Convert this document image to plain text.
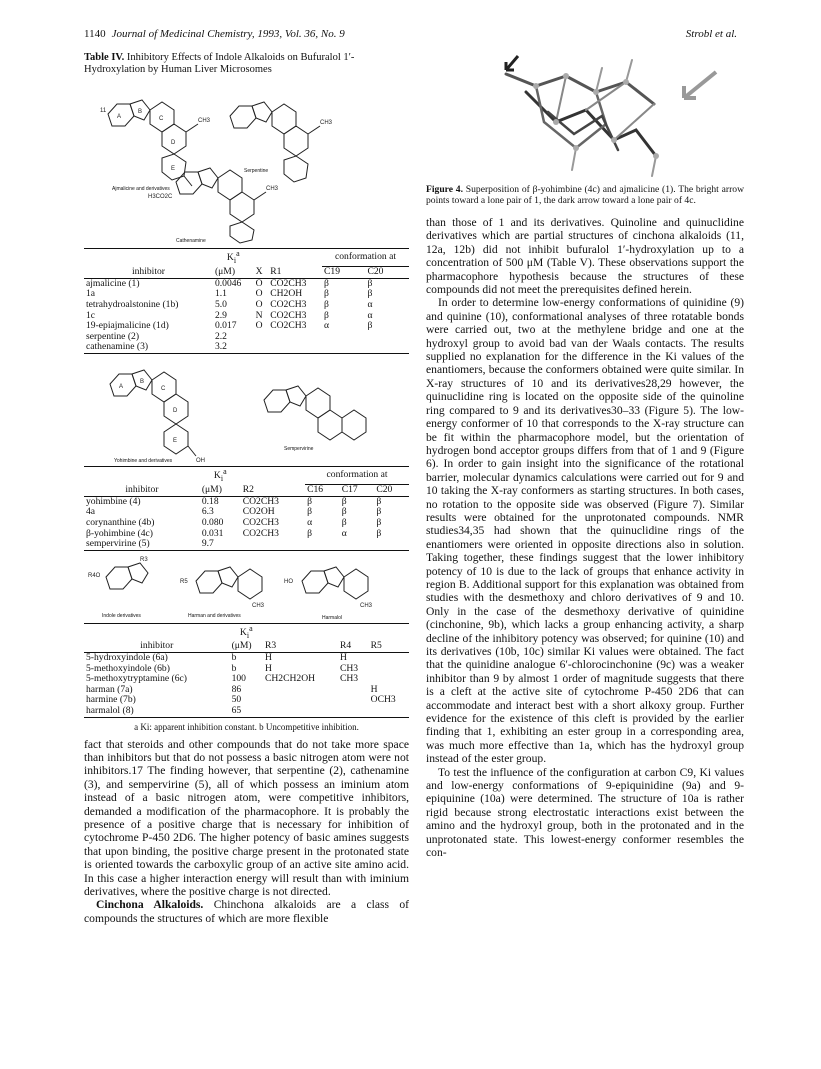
1140 Journal of Medicinal Chemistry, 1993, Vol. 36, No. 9	Strobl et al.
Table IV. Inhibitory Effects of Indole Alkaloids on Bufuralol 1′-Hydroxylation by Human Liver Microsomes
A
B
C
D
E
11
CH3	CH3
CH3
H3CO2C
Ajmalicine and derivatives
Serpentine
Cathenamine
	$K_i^a$			conformation at	
inhibitor	(μM)	X	R1	C19	C20
ajmalicine (1)	0.0046	O	CO2CH3	β	β
1a	1.1	O	CH2OH	β	β
tetrahydroalstonine (1b)	5.0	O	CO2CH3	β	α
1c	2.9	N	CO2CH3	β	α
19-epiajmalicine (1d)	0.017	O	CO2CH3	α	β
serpentine (2)	2.2				
cathenamine (3)	3.2				
A
B
C
D
E
OH
Yohimbine and derivatives
Sempervirine
	$K_i^a$		conformation at		
inhibitor	(μM)	R2	C16	C17	C20
yohimbine (4)	0.18	CO2CH3	β	β	β
4a	6.3	CO2OH	β	β	β
corynanthine (4b)	0.080	CO2CH3	α	β	β
β-yohimbine (4c)	0.031	CO2CH3	β	α	β
sempervirine (5)	9.7				
R4O
R3
R5
CH3
HO
CH3
Indole derivatives	Harman and derivatives	Harmalol
	$K_i^a$			
inhibitor	(μM)	R3	R4	R5
5-hydroxyindole (6a)	b	H	H	
5-methoxyindole (6b)	b	H	CH3	
5-methoxytryptamine (6c)	100	CH2CH2OH	CH3	
harman (7a)	86			H
harmine (7b)	50			OCH3
harmalol (8)	65			
a Ki: apparent inhibition constant. b Uncompetitive inhibition.

fact that steroids and other compounds that do not take more space than inhibitors but that do not possess a basic nitrogen atom were not inhibitors.17 The finding however, that serpentine (2), cathenamine (3), and sempervirine (5), all of which possess an iminium atom instead of a basic nitrogen atom, were competitive inhibitors, demanded a modification of the pharmacophore. It is probably the presence of a positive charge that is necessary for inhibition of cytochrome P-450 2D6. The higher potency of basic amines suggests that upon binding, the positive charge present in the protonated state is oriented towards the carboxylic group of an active site amino acid. In this case a higher interaction energy will result than with iminium derivatives, where the positive charge is not directed.

Cinchona Alkaloids. Chinchona alkaloids are a class of compounds the structures of which are more flexible

Figure 4. Superposition of β-yohimbine (4c) and ajmalicine (1). The bright arrow points toward a lone pair of 1, the dark arrow toward a lone pair of 4c.

than those of 1 and its derivatives. Quinoline and quinuclidine derivatives which are partial structures of cinchona alkaloids (11, 12a, 12b) did not inhibit bufuralol 1′-hydroxylation up to a concentration of 500 μM (Table V). These observations support the pharmacophore hypothesis because the structures of these compounds did not meet the prerequisites defined herein.

In order to determine low-energy conformations of quinidine (9) and quinine (10), conformational analyses of three rotatable bonds were carried out, two at the methylene bridge and one at the hydroxyl group to avoid bad van der Waals contacts. The results supplied no explanation for the difference in the Ki values of the enantiomers, because the conformers obtained were quite similar. In X-ray structures of 10 and its derivatives28,29 however, the quinuclidine ring is located on the opposite side of the quinoline ring compared to 9 and its derivatives30–33 (Figure 5). The low-energy conformer of 10 that corresponds to the X-ray structure can be fit within the pharmacophore model, but the orientation of hydrogen bond acceptor groups differs from that of 1 and 9 (Figure 6). In order to gain insight into the significance of the rotational barrier, molecular dynamics calculations were carried out for 9 and 10 taking the X-ray conformers as starting structures. In both cases, no rotation to the opposite side was observed (Figure 7). Similar results were obtained for the unprotonated compounds. NMR studies34,35 had shown that the quinuclidine rings of the enantiomers were oriented in opposite directions also in solution. Taking together, these findings suggest that the lower inhibitory potency of 10 is due to the lack of groups that enhance activity in region B. Additional support for this explanation was obtained from studies with the desmethoxy and chloro derivatives of 9 and 10. Only in the case of the desmethoxy derivative of quinidine (cinchonine, 9b), which lacks a group enhancing activity, a sharp decline of the inhibitory potency was observed; for quinine (10) and its derivatives (10b, 10c) similar Ki values were obtained. The fact that the quinidine analogue 6′-chlorocinchonine (9c) was a weaker inhibitor than 9 by almost 1 order of magnitude suggests that there is a cleft at the active site of cytochrome P-450 2D6 that can accommodate and interact best with a short alkoxy group. Further evidence for the existence of this cleft is provided by the earlier finding that 1, exhibiting an ester group in a corresponding area, was much more effective than 1a, which has the hydroxyl group instead of the ester group.

To test the influence of the configuration at carbon C9, Ki values and low-energy conformations of 9-epiquinidine (9a) and 9-epiquinine (10a) were determined. The structure of 10a is rather rigid because strong electrostatic interactions exist between the amino and the hydroxyl group, both in the protonated and in the unprotonated state. This lowest-energy conformer resembles the con-
